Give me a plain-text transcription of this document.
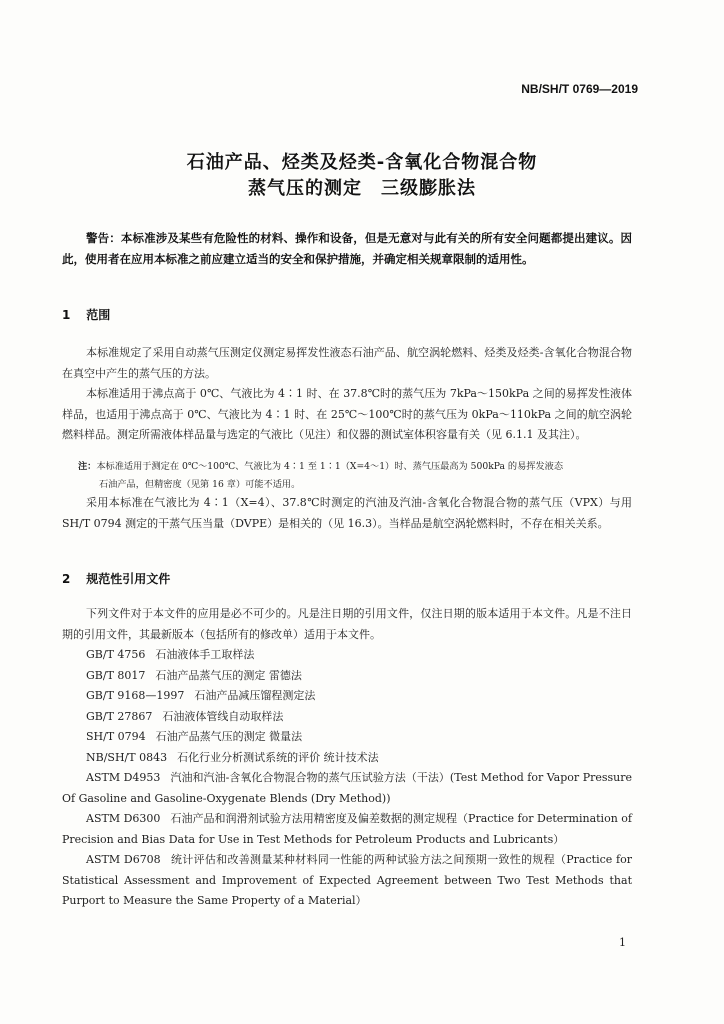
NB/SH/T 0769—2019
石油产品、烃类及烃类-含氧化合物混合物
蒸气压的测定　三级膨胀法
警告：本标准涉及某些有危险性的材料、操作和设备，但是无意对与此有关的所有安全问题都提出建议。因此，使用者在应用本标准之前应建立适当的安全和保护措施，并确定相关规章限制的适用性。
1 范围
本标准规定了采用自动蒸气压测定仪测定易挥发性液态石油产品、航空涡轮燃料、烃类及烃类-含氧化合物混合物在真空中产生的蒸气压的方法。
本标准适用于沸点高于 0℃、气液比为 4∶1 时、在 37.8℃时的蒸气压为 7kPa～150kPa 之间的易挥发性液体样品，也适用于沸点高于 0℃、气液比为 4∶1 时、在 25℃～100℃时的蒸气压为 0kPa～110kPa 之间的航空涡轮燃料样品。测定所需液体样品量与选定的气液比（见注）和仪器的测试室体积容量有关（见 6.1.1 及其注）。
注：本标准适用于测定在 0℃～100℃、气液比为 4∶1 至 1∶1（X=4～1）时、蒸气压最高为 500kPa 的易挥发液态
石油产品，但精密度（见第 16 章）可能不适用。
采用本标准在气液比为 4∶1（X=4）、37.8℃时测定的汽油及汽油-含氧化合物混合物的蒸气压（VPX）与用 SH/T 0794 测定的干蒸气压当量（DVPE）是相关的（见 16.3）。当样品是航空涡轮燃料时，不存在相关关系。
2 规范性引用文件
下列文件对于本文件的应用是必不可少的。凡是注日期的引用文件，仅注日期的版本适用于本文件。凡是不注日期的引用文件，其最新版本（包括所有的修改单）适用于本文件。
GB/T 4756 石油液体手工取样法
GB/T 8017 石油产品蒸气压的测定 雷德法
GB/T 9168—1997 石油产品减压馏程测定法
GB/T 27867 石油液体管线自动取样法
SH/T 0794 石油产品蒸气压的测定 微量法
NB/SH/T 0843 石化行业分析测试系统的评价 统计技术法
ASTM D4953 汽油和汽油-含氧化合物混合物的蒸气压试验方法（干法）(Test Method for Vapor Pressure Of Gasoline and Gasoline-Oxygenate Blends (Dry Method))
ASTM D6300 石油产品和润滑剂试验方法用精密度及偏差数据的测定规程（Practice for Determination of Precision and Bias Data for Use in Test Methods for Petroleum Products and Lubricants）
ASTM D6708 统计评估和改善测量某种材料同一性能的两种试验方法之间预期一致性的规程（Practice for Statistical Assessment and Improvement of Expected Agreement between Two Test Methods that Purport to Measure the Same Property of a Material）
1
